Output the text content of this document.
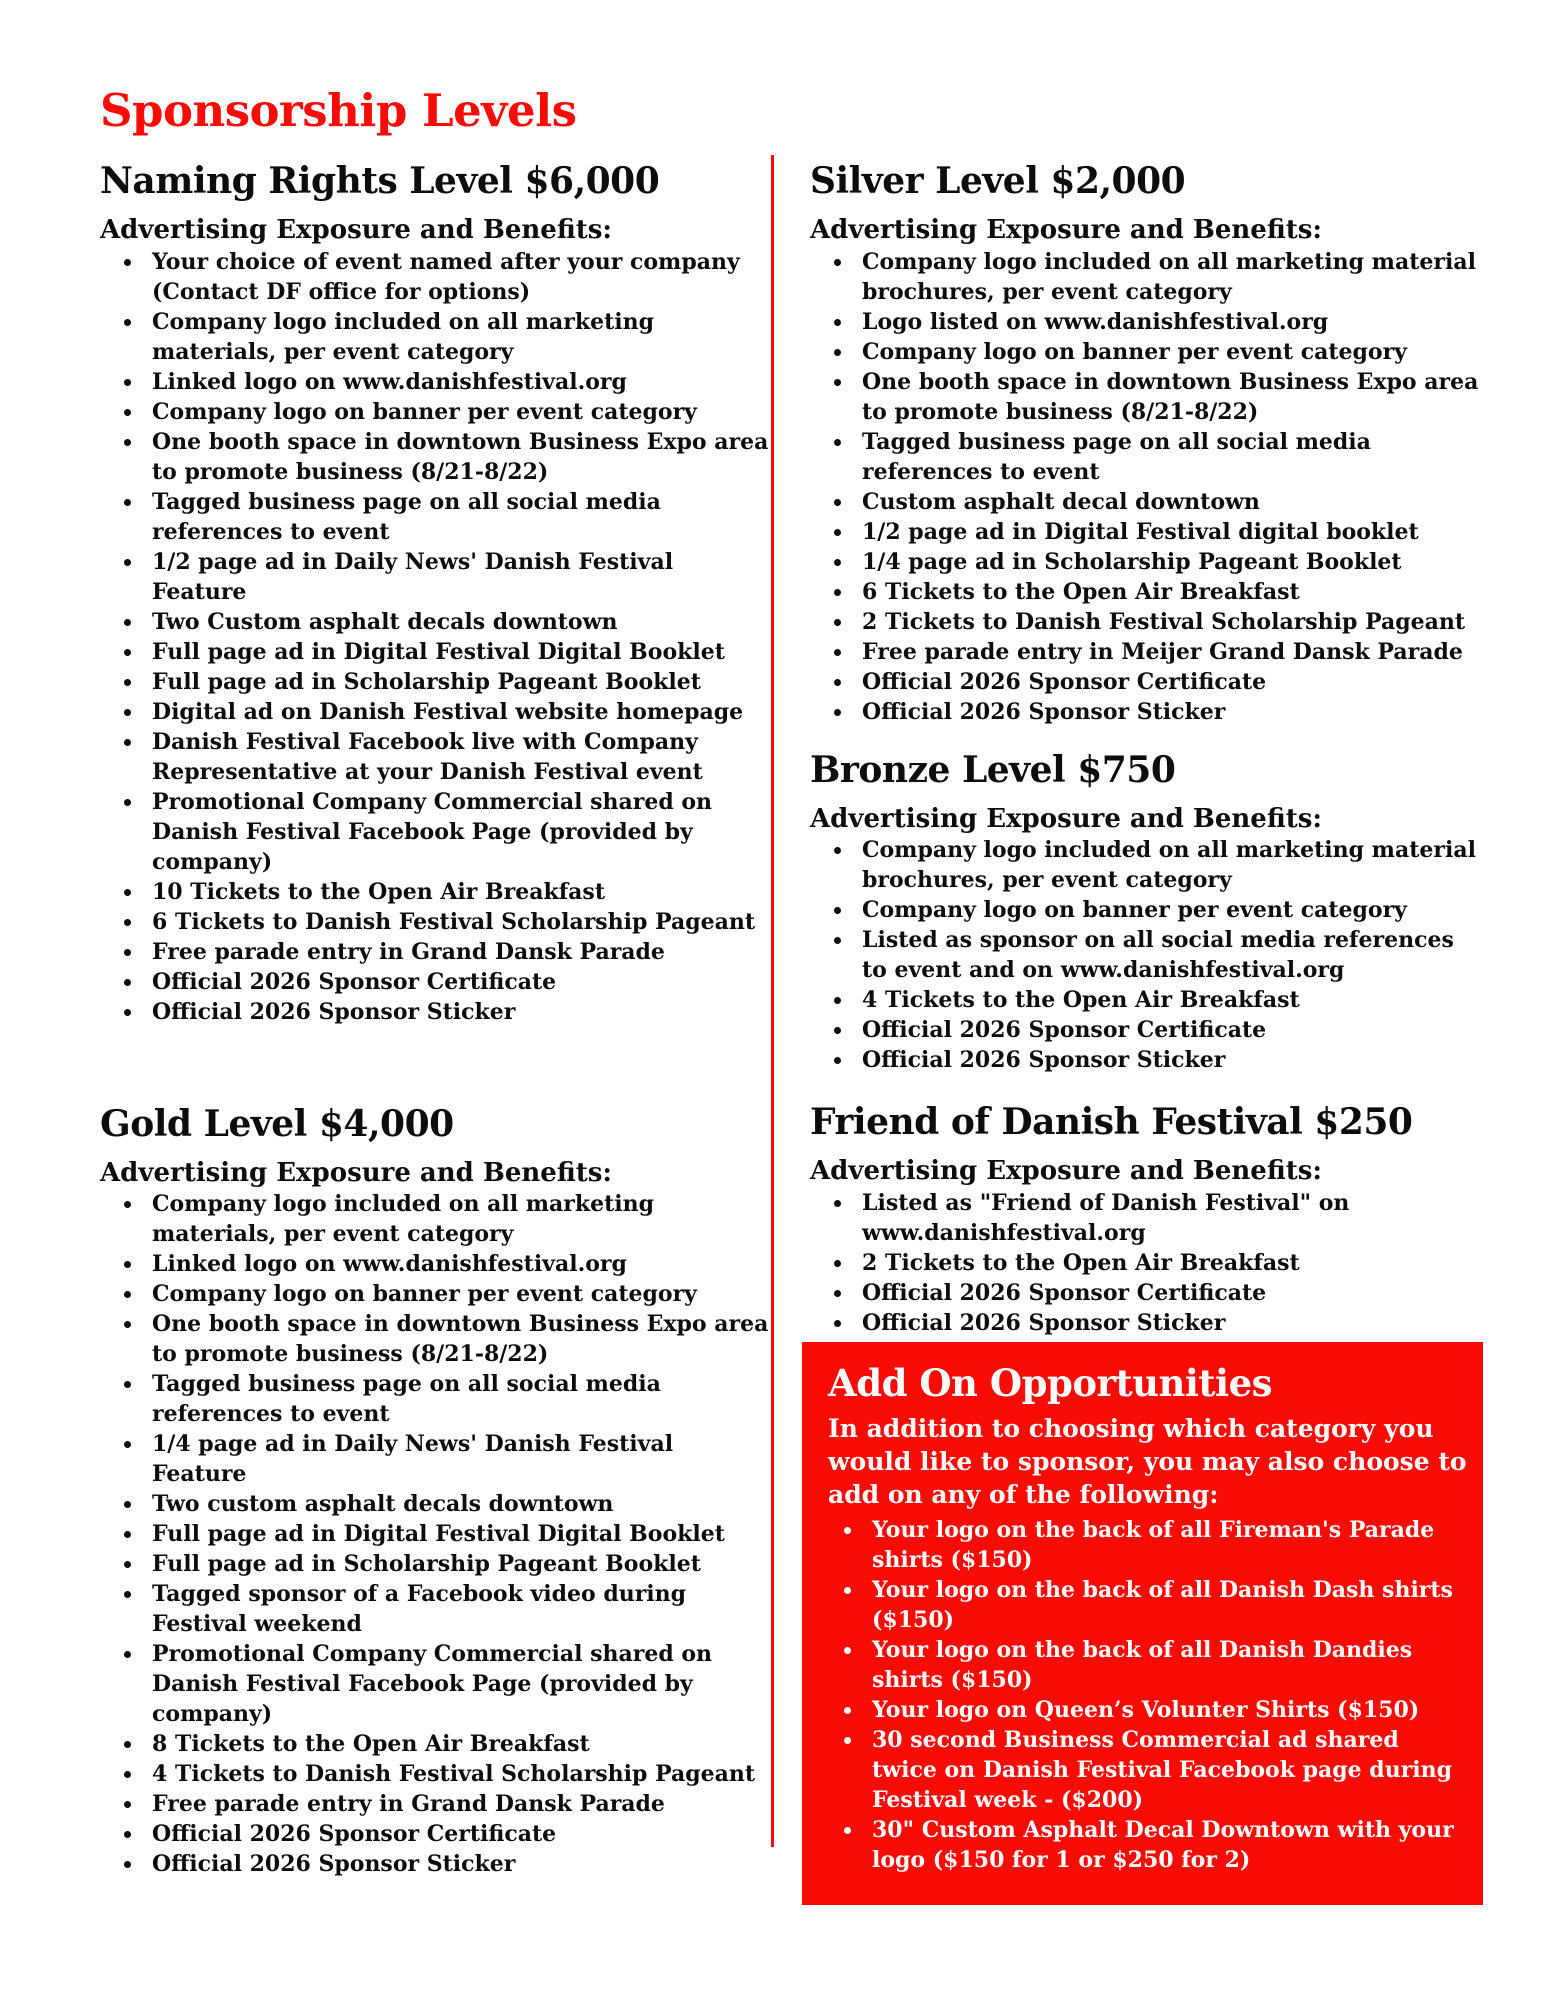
Sponsorship Levels
Naming Rights Level $6,000
Advertising Exposure and Benefits:
• Your choice of event named after your company (Contact DF office for options)
• Company logo included on all marketing materials, per event category
• Linked logo on www.danishfestival.org
• Company logo on banner per event category
• One booth space in downtown Business Expo area to promote business (8/21-8/22)
• Tagged business page on all social media references to event
• 1/2 page ad in Daily News' Danish Festival Feature
• Two Custom asphalt decals downtown
• Full page ad in Digital Festival Digital Booklet
• Full page ad in Scholarship Pageant Booklet
• Digital ad on Danish Festival website homepage
• Danish Festival Facebook live with Company Representative at your Danish Festival event
• Promotional Company Commercial shared on Danish Festival Facebook Page (provided by company)
• 10 Tickets to the Open Air Breakfast
• 6 Tickets to Danish Festival Scholarship Pageant
• Free parade entry in Grand Dansk Parade
• Official 2026 Sponsor Certificate
• Official 2026 Sponsor Sticker
Gold Level $4,000
Advertising Exposure and Benefits:
• Company logo included on all marketing materials, per event category
• Linked logo on www.danishfestival.org
• Company logo on banner per event category
• One booth space in downtown Business Expo area to promote business (8/21-8/22)
• Tagged business page on all social media references to event
• 1/4 page ad in Daily News' Danish Festival Feature
• Two custom asphalt decals downtown
• Full page ad in Digital Festival Digital Booklet
• Full page ad in Scholarship Pageant Booklet
• Tagged sponsor of a Facebook video during Festival weekend
• Promotional Company Commercial shared on Danish Festival Facebook Page (provided by company)
• 8 Tickets to the Open Air Breakfast
• 4 Tickets to Danish Festival Scholarship Pageant
• Free parade entry in Grand Dansk Parade
• Official 2026 Sponsor Certificate
• Official 2026 Sponsor Sticker
Silver Level $2,000
Advertising Exposure and Benefits:
• Company logo included on all marketing material brochures, per event category
• Logo listed on www.danishfestival.org
• Company logo on banner per event category
• One booth space in downtown Business Expo area to promote business (8/21-8/22)
• Tagged business page on all social media references to event
• Custom asphalt decal downtown
• 1/2 page ad in Digital Festival digital booklet
• 1/4 page ad in Scholarship Pageant Booklet
• 6 Tickets to the Open Air Breakfast
• 2 Tickets to Danish Festival Scholarship Pageant
• Free parade entry in Meijer Grand Dansk Parade
• Official 2026 Sponsor Certificate
• Official 2026 Sponsor Sticker
Bronze Level $750
Advertising Exposure and Benefits:
• Company logo included on all marketing material brochures, per event category
• Company logo on banner per event category
• Listed as sponsor on all social media references to event and on www.danishfestival.org
• 4 Tickets to the Open Air Breakfast
• Official 2026 Sponsor Certificate
• Official 2026 Sponsor Sticker
Friend of Danish Festival $250
Advertising Exposure and Benefits:
• Listed as "Friend of Danish Festival" on www.danishfestival.org
• 2 Tickets to the Open Air Breakfast
• Official 2026 Sponsor Certificate
• Official 2026 Sponsor Sticker
Add On Opportunities

In addition to choosing which category you would like to sponsor, you may also choose to add on any of the following:

• Your logo on the back of all Fireman's Parade shirts ($150)
• Your logo on the back of all Danish Dash shirts ($150)
• Your logo on the back of all Danish Dandies shirts ($150)
• Your logo on Queen’s Volunter Shirts ($150)
• 30 second Business Commercial ad shared twice on Danish Festival Facebook page during Festival week - ($200)
• 30" Custom Asphalt Decal Downtown with your logo ($150 for 1 or $250 for 2)
